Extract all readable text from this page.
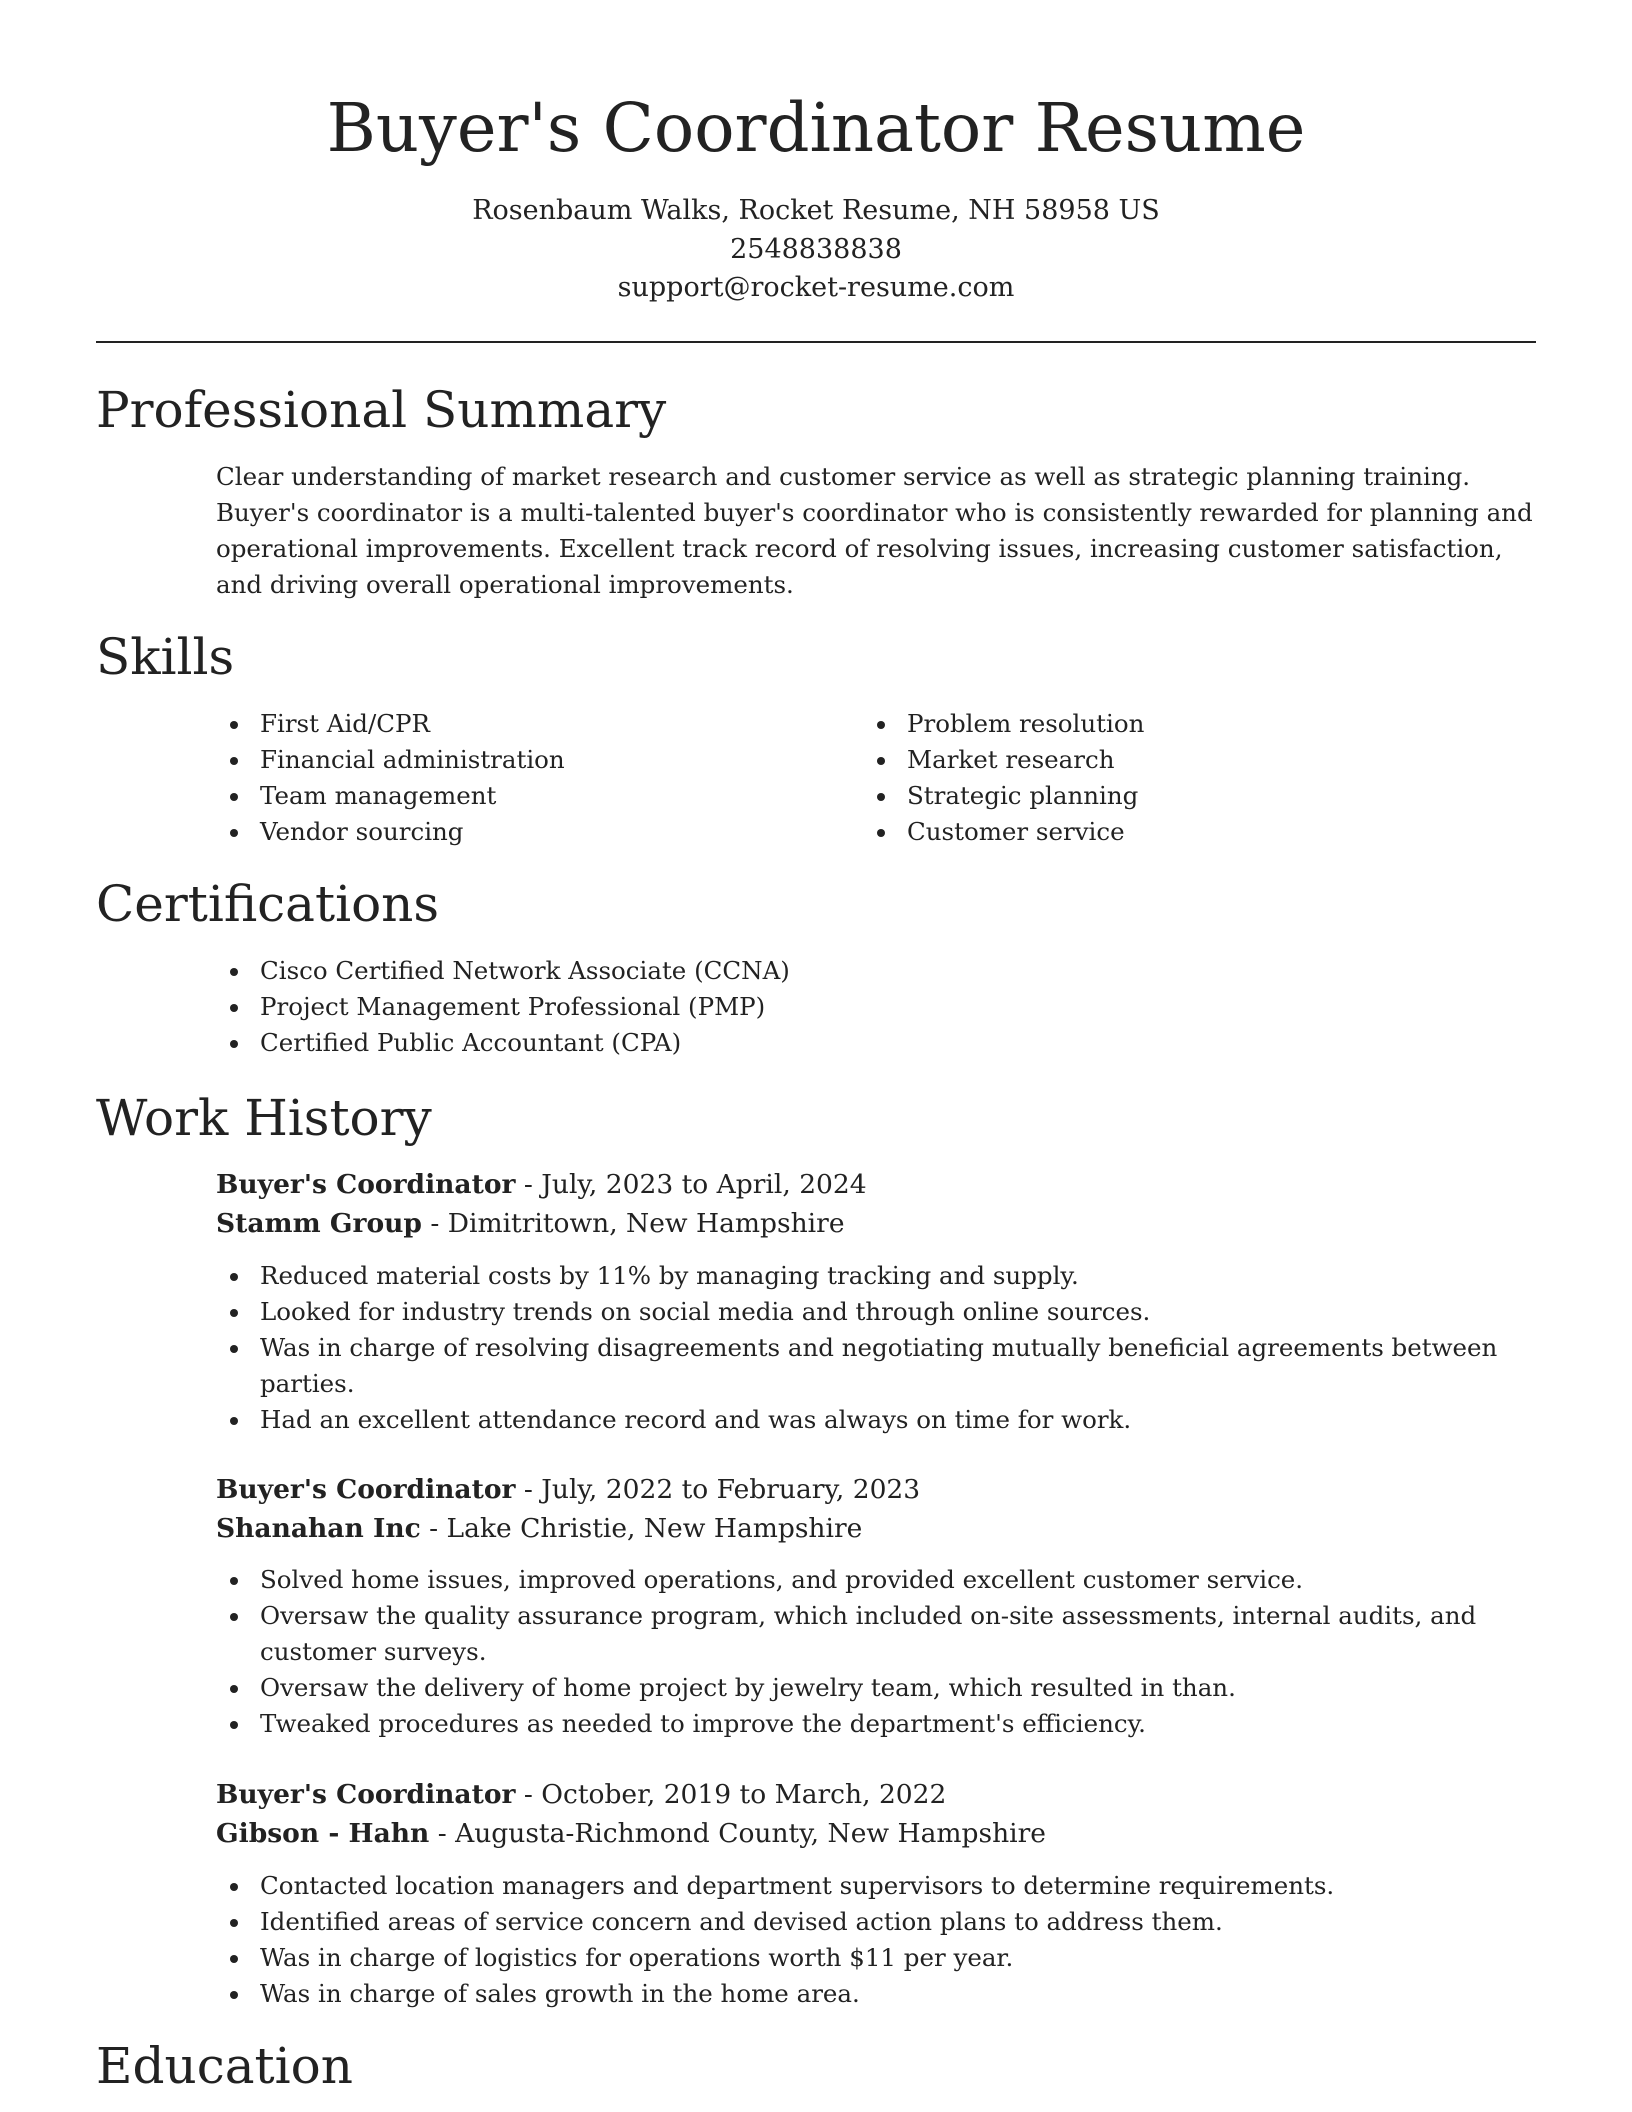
Buyer's Coordinator Resume
Rosenbaum Walks, Rocket Resume, NH 58958 US
2548838838
support@rocket-resume.com
Professional Summary

Clear understanding of market research and customer service as well as strategic planning training. Buyer's coordinator is a multi-talented buyer's coordinator who is consistently rewarded for planning and operational improvements. Excellent track record of resolving issues, increasing customer satisfaction, and driving overall operational improvements.

Skills
First Aid/CPR
Financial administration
Team management
Vendor sourcing
Problem resolution
Market research
Strategic planning
Customer service
Certifications
Cisco Certified Network Associate (CCNA)
Project Management Professional (PMP)
Certified Public Accountant (CPA)
Work History
Buyer's Coordinator - July, 2023 to April, 2024
Stamm Group - Dimitritown, New Hampshire
Reduced material costs by 11% by managing tracking and supply.
Looked for industry trends on social media and through online sources.
Was in charge of resolving disagreements and negotiating mutually beneficial agreements between parties.
Had an excellent attendance record and was always on time for work.
Buyer's Coordinator - July, 2022 to February, 2023
Shanahan Inc - Lake Christie, New Hampshire
Solved home issues, improved operations, and provided excellent customer service.
Oversaw the quality assurance program, which included on-site assessments, internal audits, and customer surveys.
Oversaw the delivery of home project by jewelry team, which resulted in than.
Tweaked procedures as needed to improve the department's efficiency.
Buyer's Coordinator - October, 2019 to March, 2022
Gibson - Hahn - Augusta-Richmond County, New Hampshire
Contacted location managers and department supervisors to determine requirements.
Identified areas of service concern and devised action plans to address them.
Was in charge of logistics for operations worth $11 per year.
Was in charge of sales growth in the home area.
Education
